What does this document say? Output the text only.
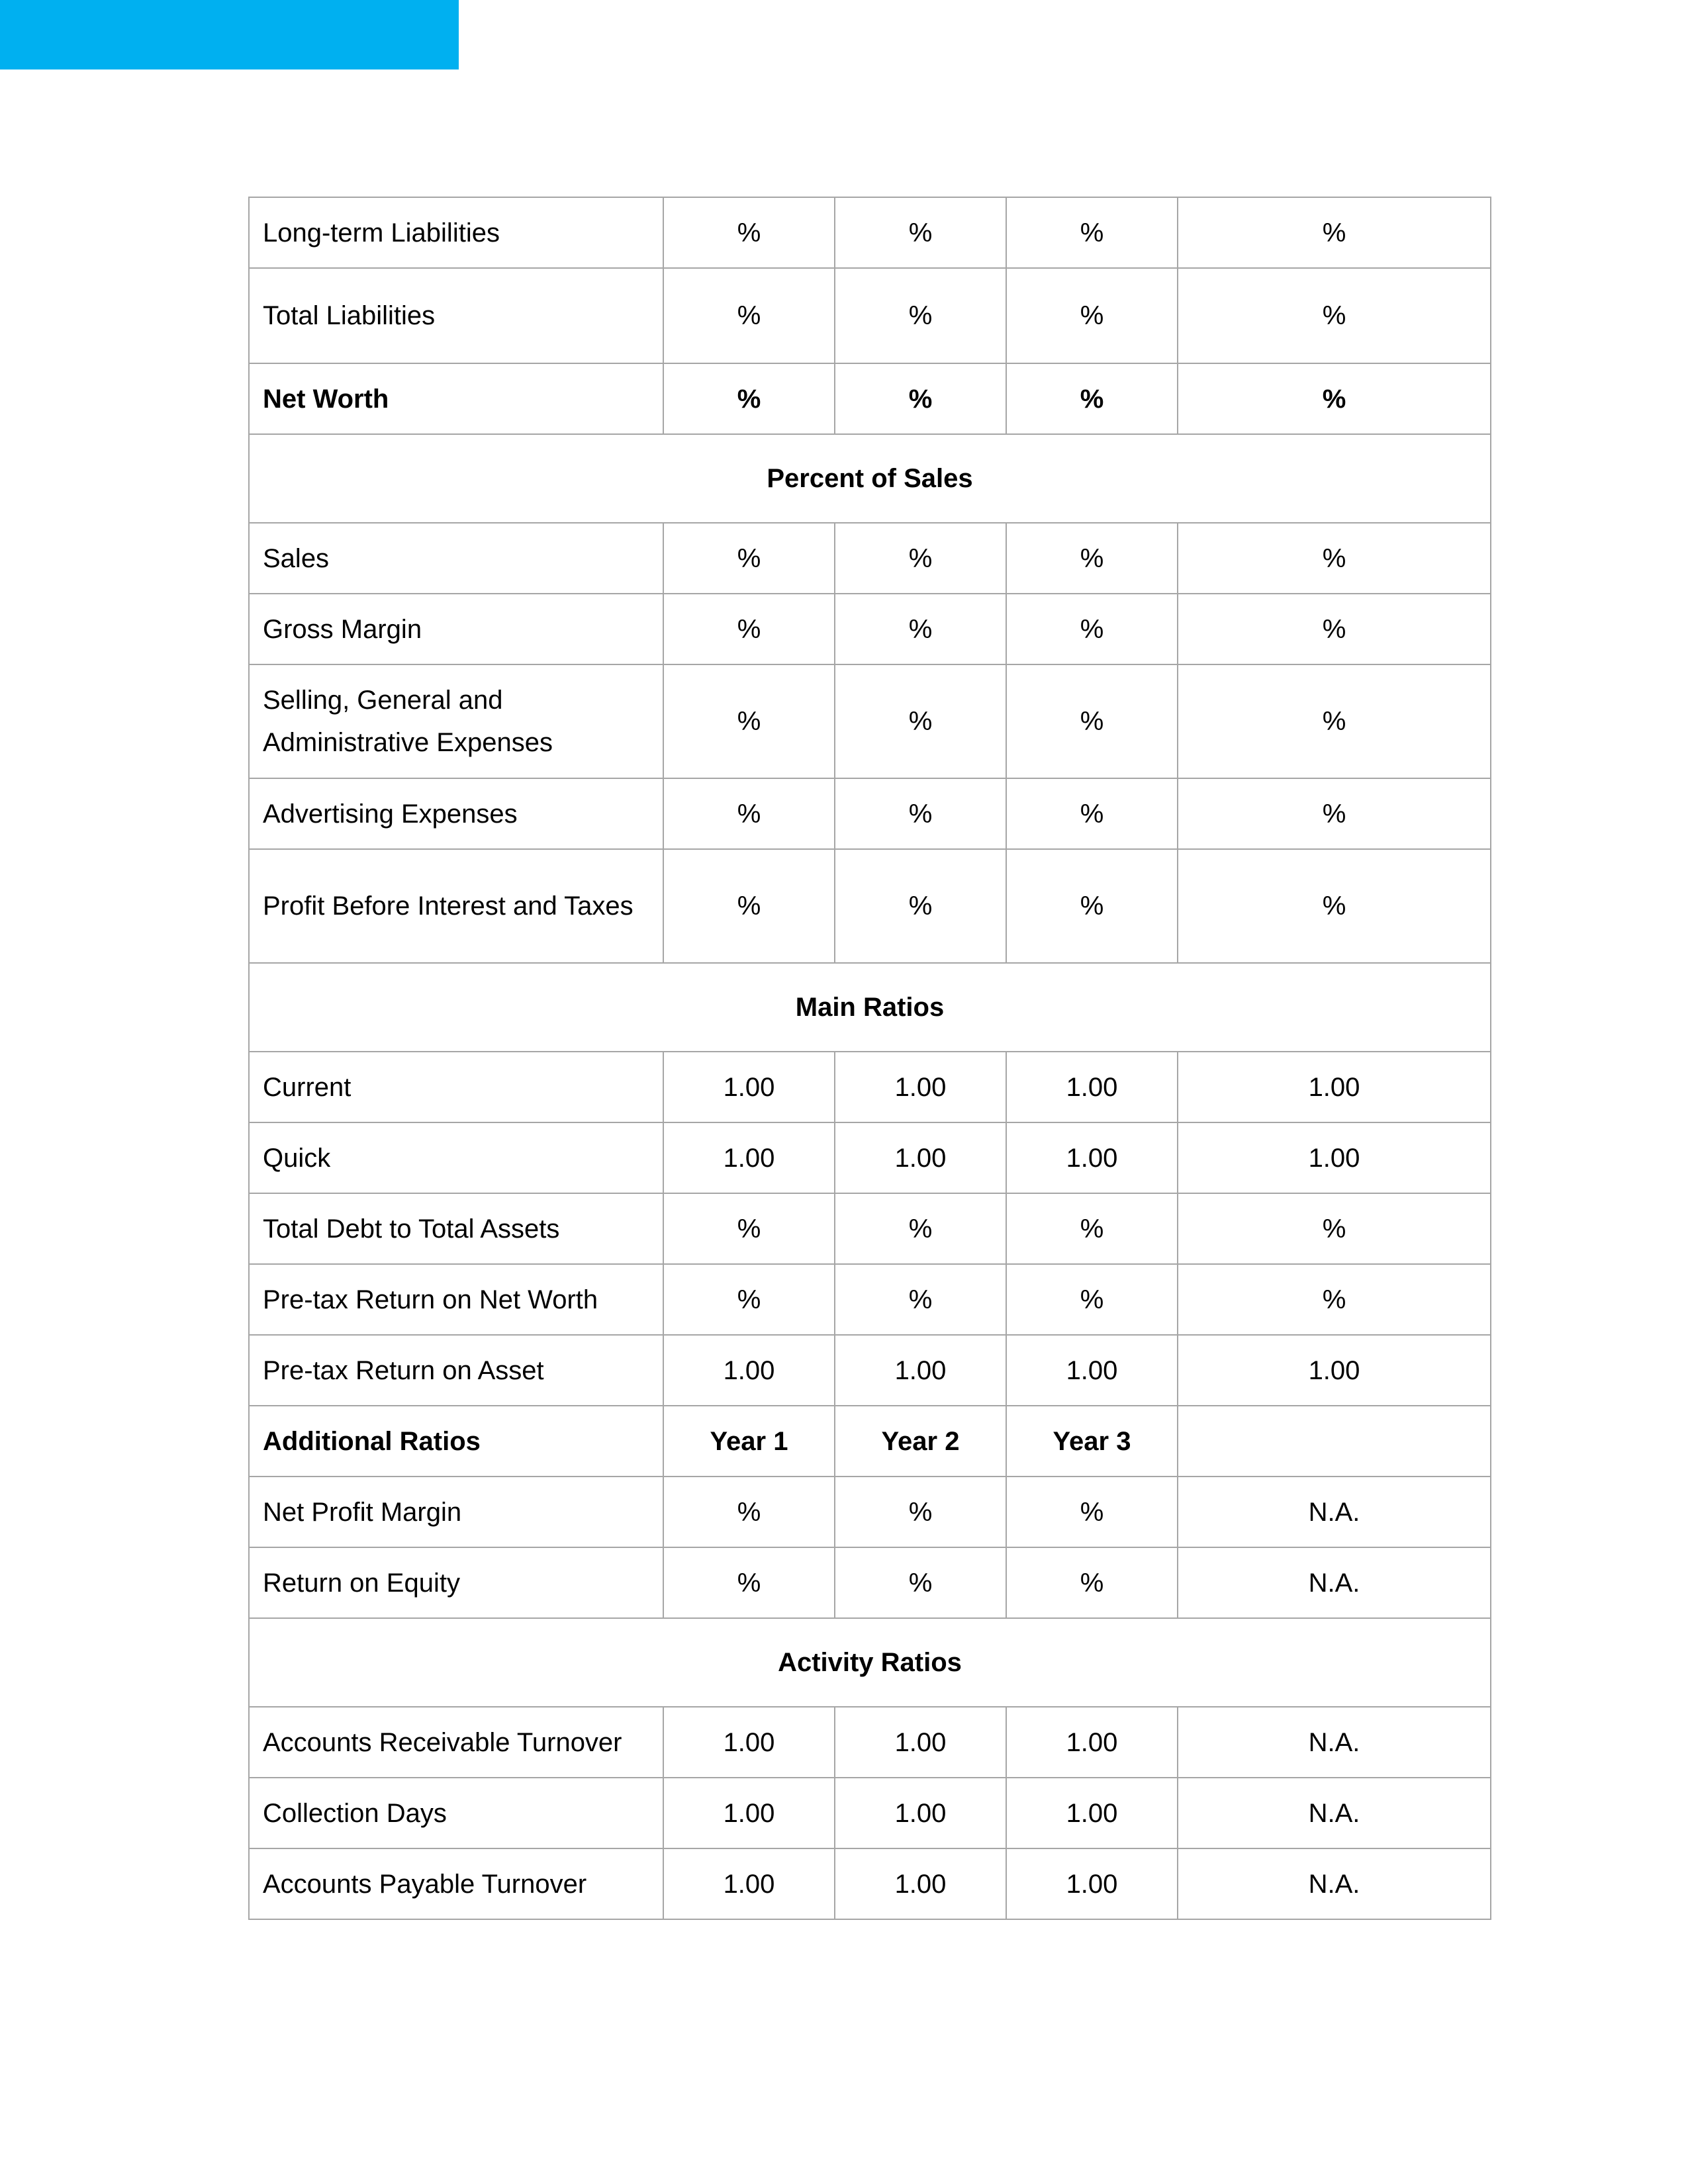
Long-term Liabilities	%	%	%	%
Total Liabilities	%	%	%	%
Net Worth	%	%	%	%
Percent of Sales				
Sales	%	%	%	%
Gross Margin	%	%	%	%
Selling, General and Administrative Expenses	%	%	%	%
Advertising Expenses	%	%	%	%
Profit Before Interest and Taxes	%	%	%	%
Main Ratios				
Current	1.00	1.00	1.00	1.00
Quick	1.00	1.00	1.00	1.00
Total Debt to Total Assets	%	%	%	%
Pre-tax Return on Net Worth	%	%	%	%
Pre-tax Return on Asset	1.00	1.00	1.00	1.00
Additional Ratios	Year 1	Year 2	Year 3	
Net Profit Margin	%	%	%	N.A.
Return on Equity	%	%	%	N.A.
Activity Ratios				
Accounts Receivable Turnover	1.00	1.00	1.00	N.A.
Collection Days	1.00	1.00	1.00	N.A.
Accounts Payable Turnover	1.00	1.00	1.00	N.A.
